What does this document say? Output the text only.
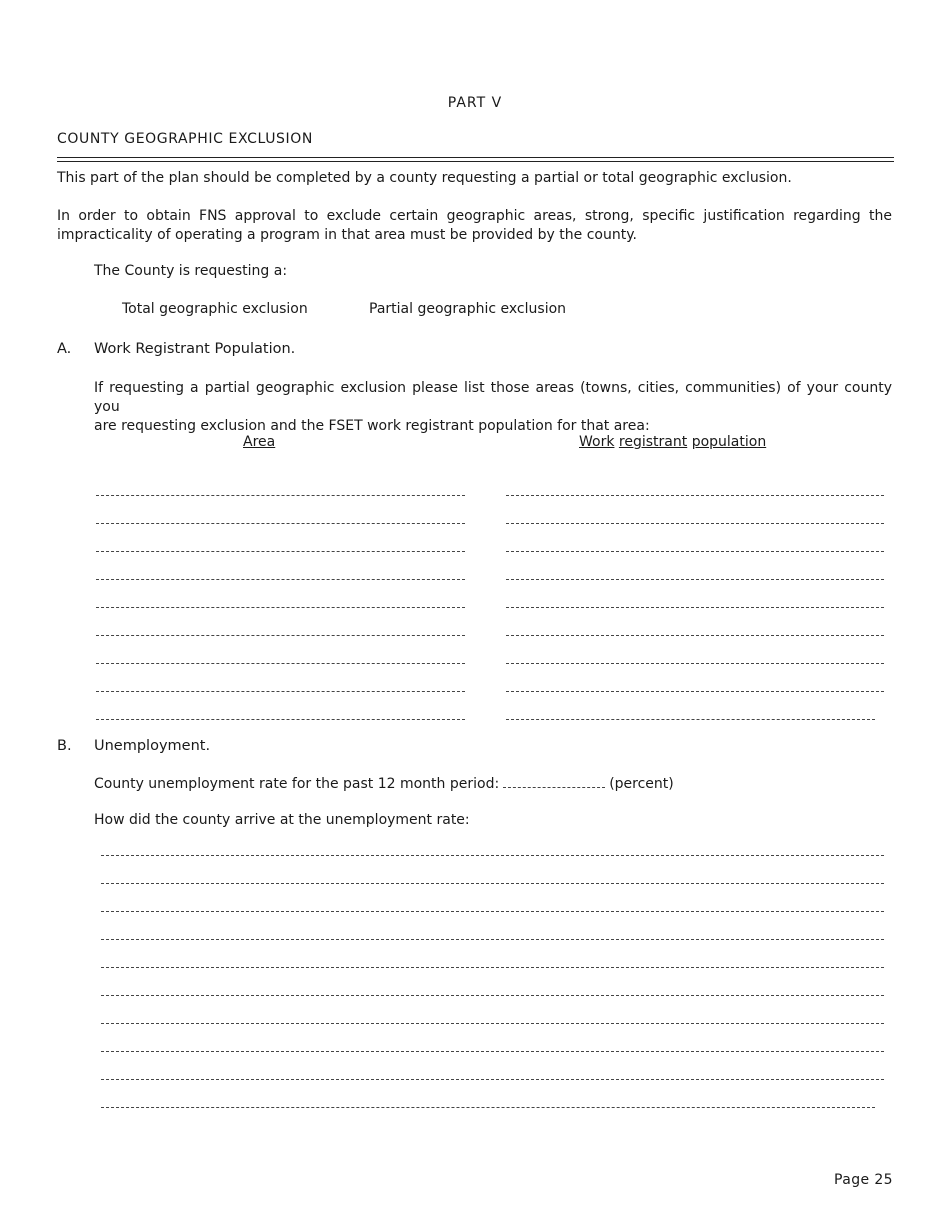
PART V
COUNTY GEOGRAPHIC EXCLUSION
This part of the plan should be completed by a county requesting a partial or total geographic exclusion.
In order to obtain FNS approval to exclude certain geographic areas, strong, specific justification regarding the
impracticality of operating a program in that area must be provided by the county.
The County is requesting a:
Total geographic exclusion	Partial geographic exclusion
A. Work Registrant Population.
If requesting a partial geographic exclusion please list those areas (towns, cities, communities) of your county you
are requesting exclusion and the FSET work registrant population for that area:
Area	Work registrant population
B. Unemployment.
County unemployment rate for the past 12 month period:	(percent)
How did the county arrive at the unemployment rate:
Page 25
